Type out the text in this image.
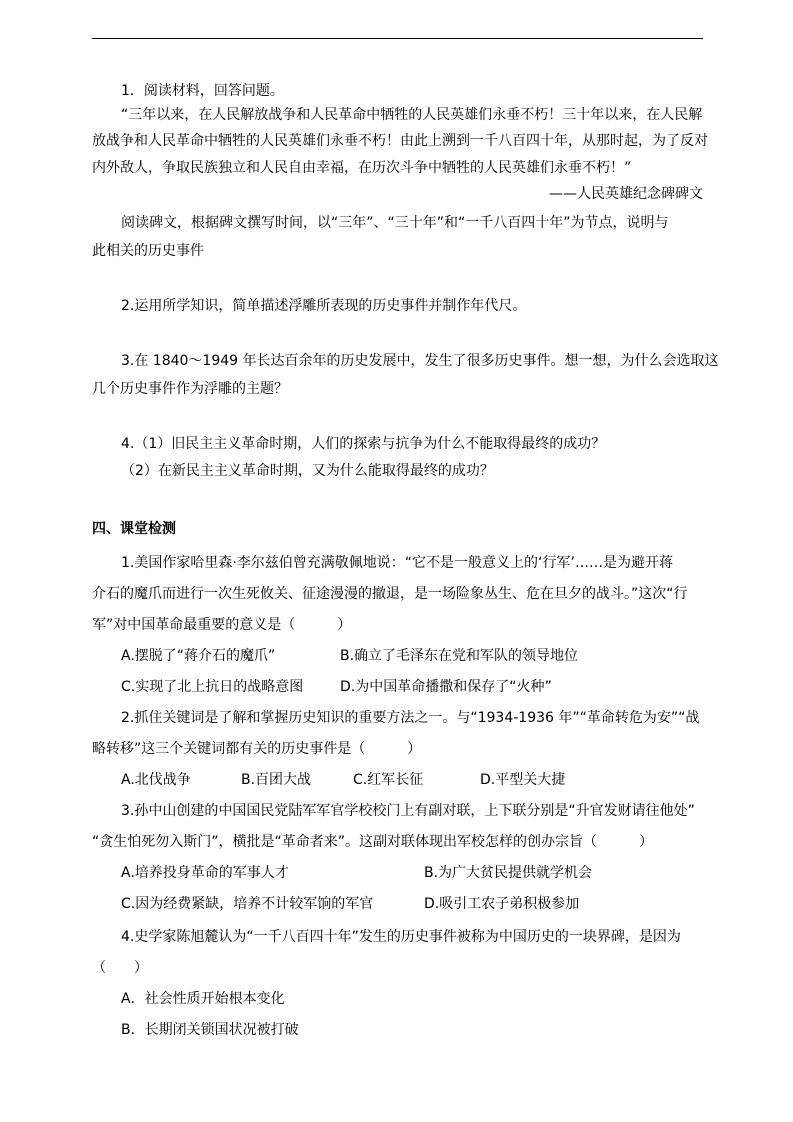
1．阅读材料，回答问题。
“三年以来，在人民解放战争和人民革命中牺牲的人民英雄们永垂不朽！三十年以来，在人民解
放战争和人民革命中牺牲的人民英雄们永垂不朽！由此上溯到一千八百四十年，从那时起，为了反对
内外敌人，争取民族独立和人民自由幸福，在历次斗争中牺牲的人民英雄们永垂不朽！”
——人民英雄纪念碑碑文
阅读碑文，根据碑文撰写时间，以“三年”、“三十年”和“一千八百四十年”为节点，说明与
此相关的历史事件
2.运用所学知识，简单描述浮雕所表现的历史事件并制作年代尺。
3.在 1840～1949 年长达百余年的历史发展中，发生了很多历史事件。想一想，为什么会选取这
几个历史事件作为浮雕的主题？
4.（1）旧民主主义革命时期，人们的探索与抗争为什么不能取得最终的成功？
（2）在新民主主义革命时期，又为什么能取得最终的成功？
四、课堂检测
1.美国作家哈里森·李尔兹伯曾充满敬佩地说：“它不是一般意义上的‘行军’……是为避开蒋
介石的魔爪而进行一次生死攸关、征途漫漫的撤退，是一场险象丛生、危在旦夕的战斗。”这次“行
军”对中国革命最重要的意义是（　　　）
A.摆脱了“蒋介石的魔爪”	B.确立了毛泽东在党和军队的领导地位
C.实现了北上抗日的战略意图	D.为中国革命播撒和保存了“火种”
2.抓住关键词是了解和掌握历史知识的重要方法之一。与“1934-1936 年”“革命转危为安”“战
略转移”这三个关键词都有关的历史事件是（　　　）
A.北伐战争	B.百团大战	C.红军长征	D.平型关大捷
3.孙中山创建的中国国民党陆军军官学校校门上有副对联，上下联分别是“升官发财请往他处”
“贪生怕死勿入斯门”，横批是“革命者来”。这副对联体现出军校怎样的创办宗旨（　　　）
A.培养投身革命的军事人才	B.为广大贫民提供就学机会
C.因为经费紧缺，培养不计较军饷的军官	D.吸引工农子弟积极参加
4.史学家陈旭麓认为“一千八百四十年”发生的历史事件被称为中国历史的一块界碑，是因为
（　　）
A．社会性质开始根本变化
B．长期闭关锁国状况被打破
